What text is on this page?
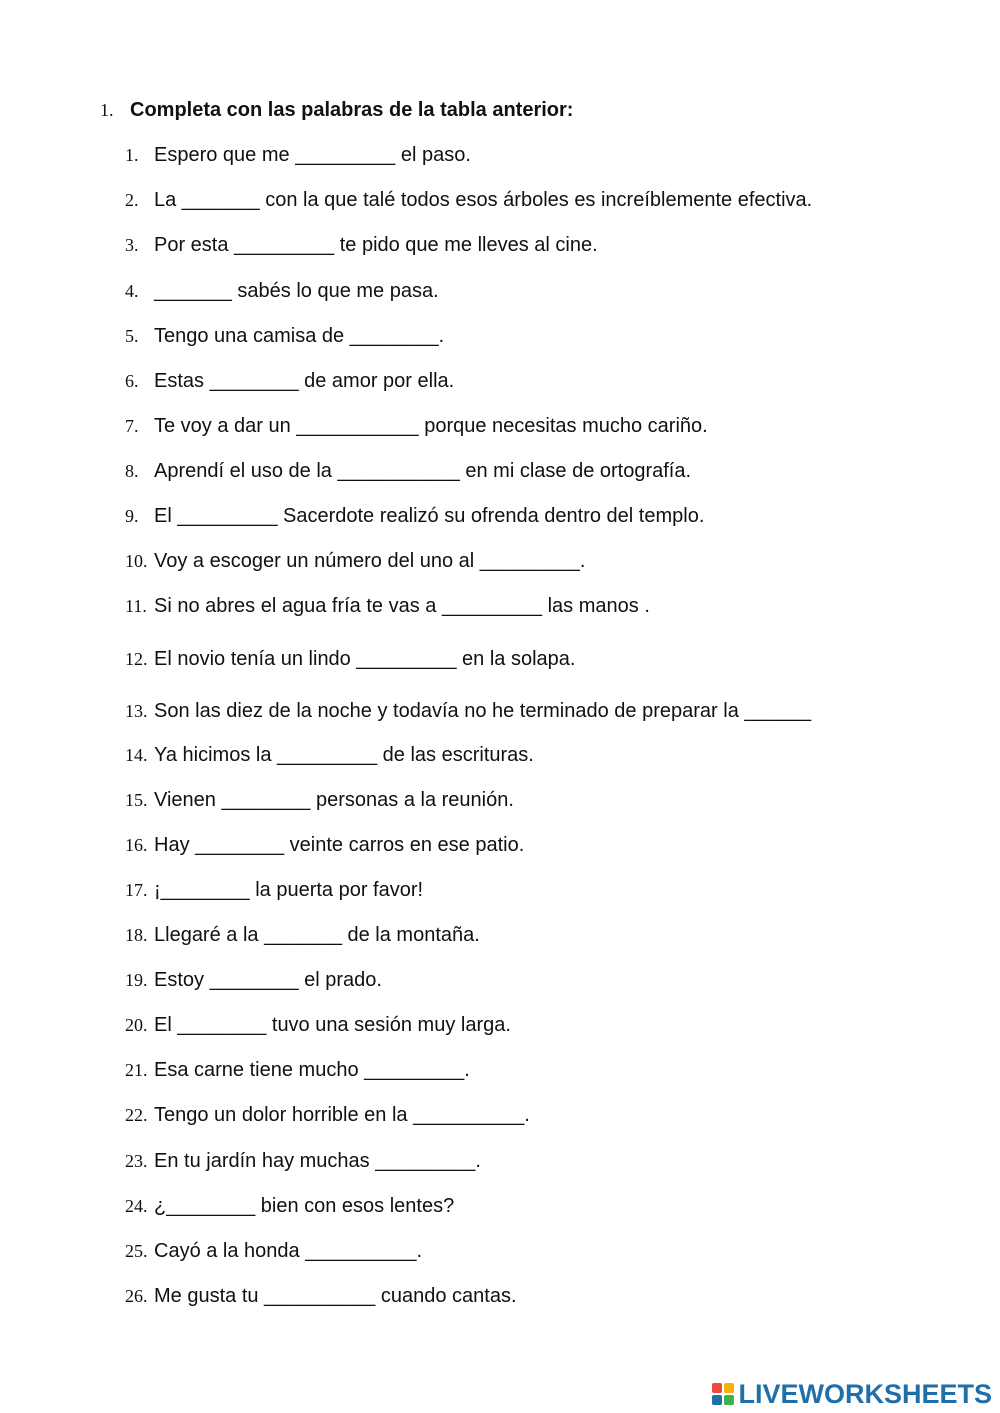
1. Completa con las palabras de la tabla anterior:
1. Espero que me _________ el paso.
2. La _______ con la que talé todos esos árboles es increíblemente efectiva.
3. Por esta _________ te pido que me lleves al cine.
4. _______ sabés lo que me pasa.
5. Tengo una camisa de ________.
6. Estas ________ de amor por ella.
7. Te voy a dar un ___________ porque necesitas mucho cariño.
8. Aprendí el uso de la ___________ en mi clase de ortografía.
9. El _________ Sacerdote realizó su ofrenda dentro del templo.
10. Voy a escoger un número del uno al _________.
11. Si no abres el agua fría te vas a _________ las manos .
12. El novio tenía un lindo _________ en la solapa.
13. Son las diez de la noche y todavía no he terminado de preparar la ______
14. Ya hicimos la _________ de las escrituras.
15. Vienen ________ personas a la reunión.
16. Hay ________ veinte carros en ese patio.
17. ¡________ la puerta por favor!
18. Llegaré a la _______ de la montaña.
19. Estoy ________ el prado.
20. El ________ tuvo una sesión muy larga.
21. Esa carne tiene mucho _________.
22. Tengo un dolor horrible en la __________.
23. En tu jardín hay muchas _________.
24. ¿________ bien con esos lentes?
25. Cayó a la honda __________.
26. Me gusta tu __________ cuando cantas.
LIVEWORKSHEETS
